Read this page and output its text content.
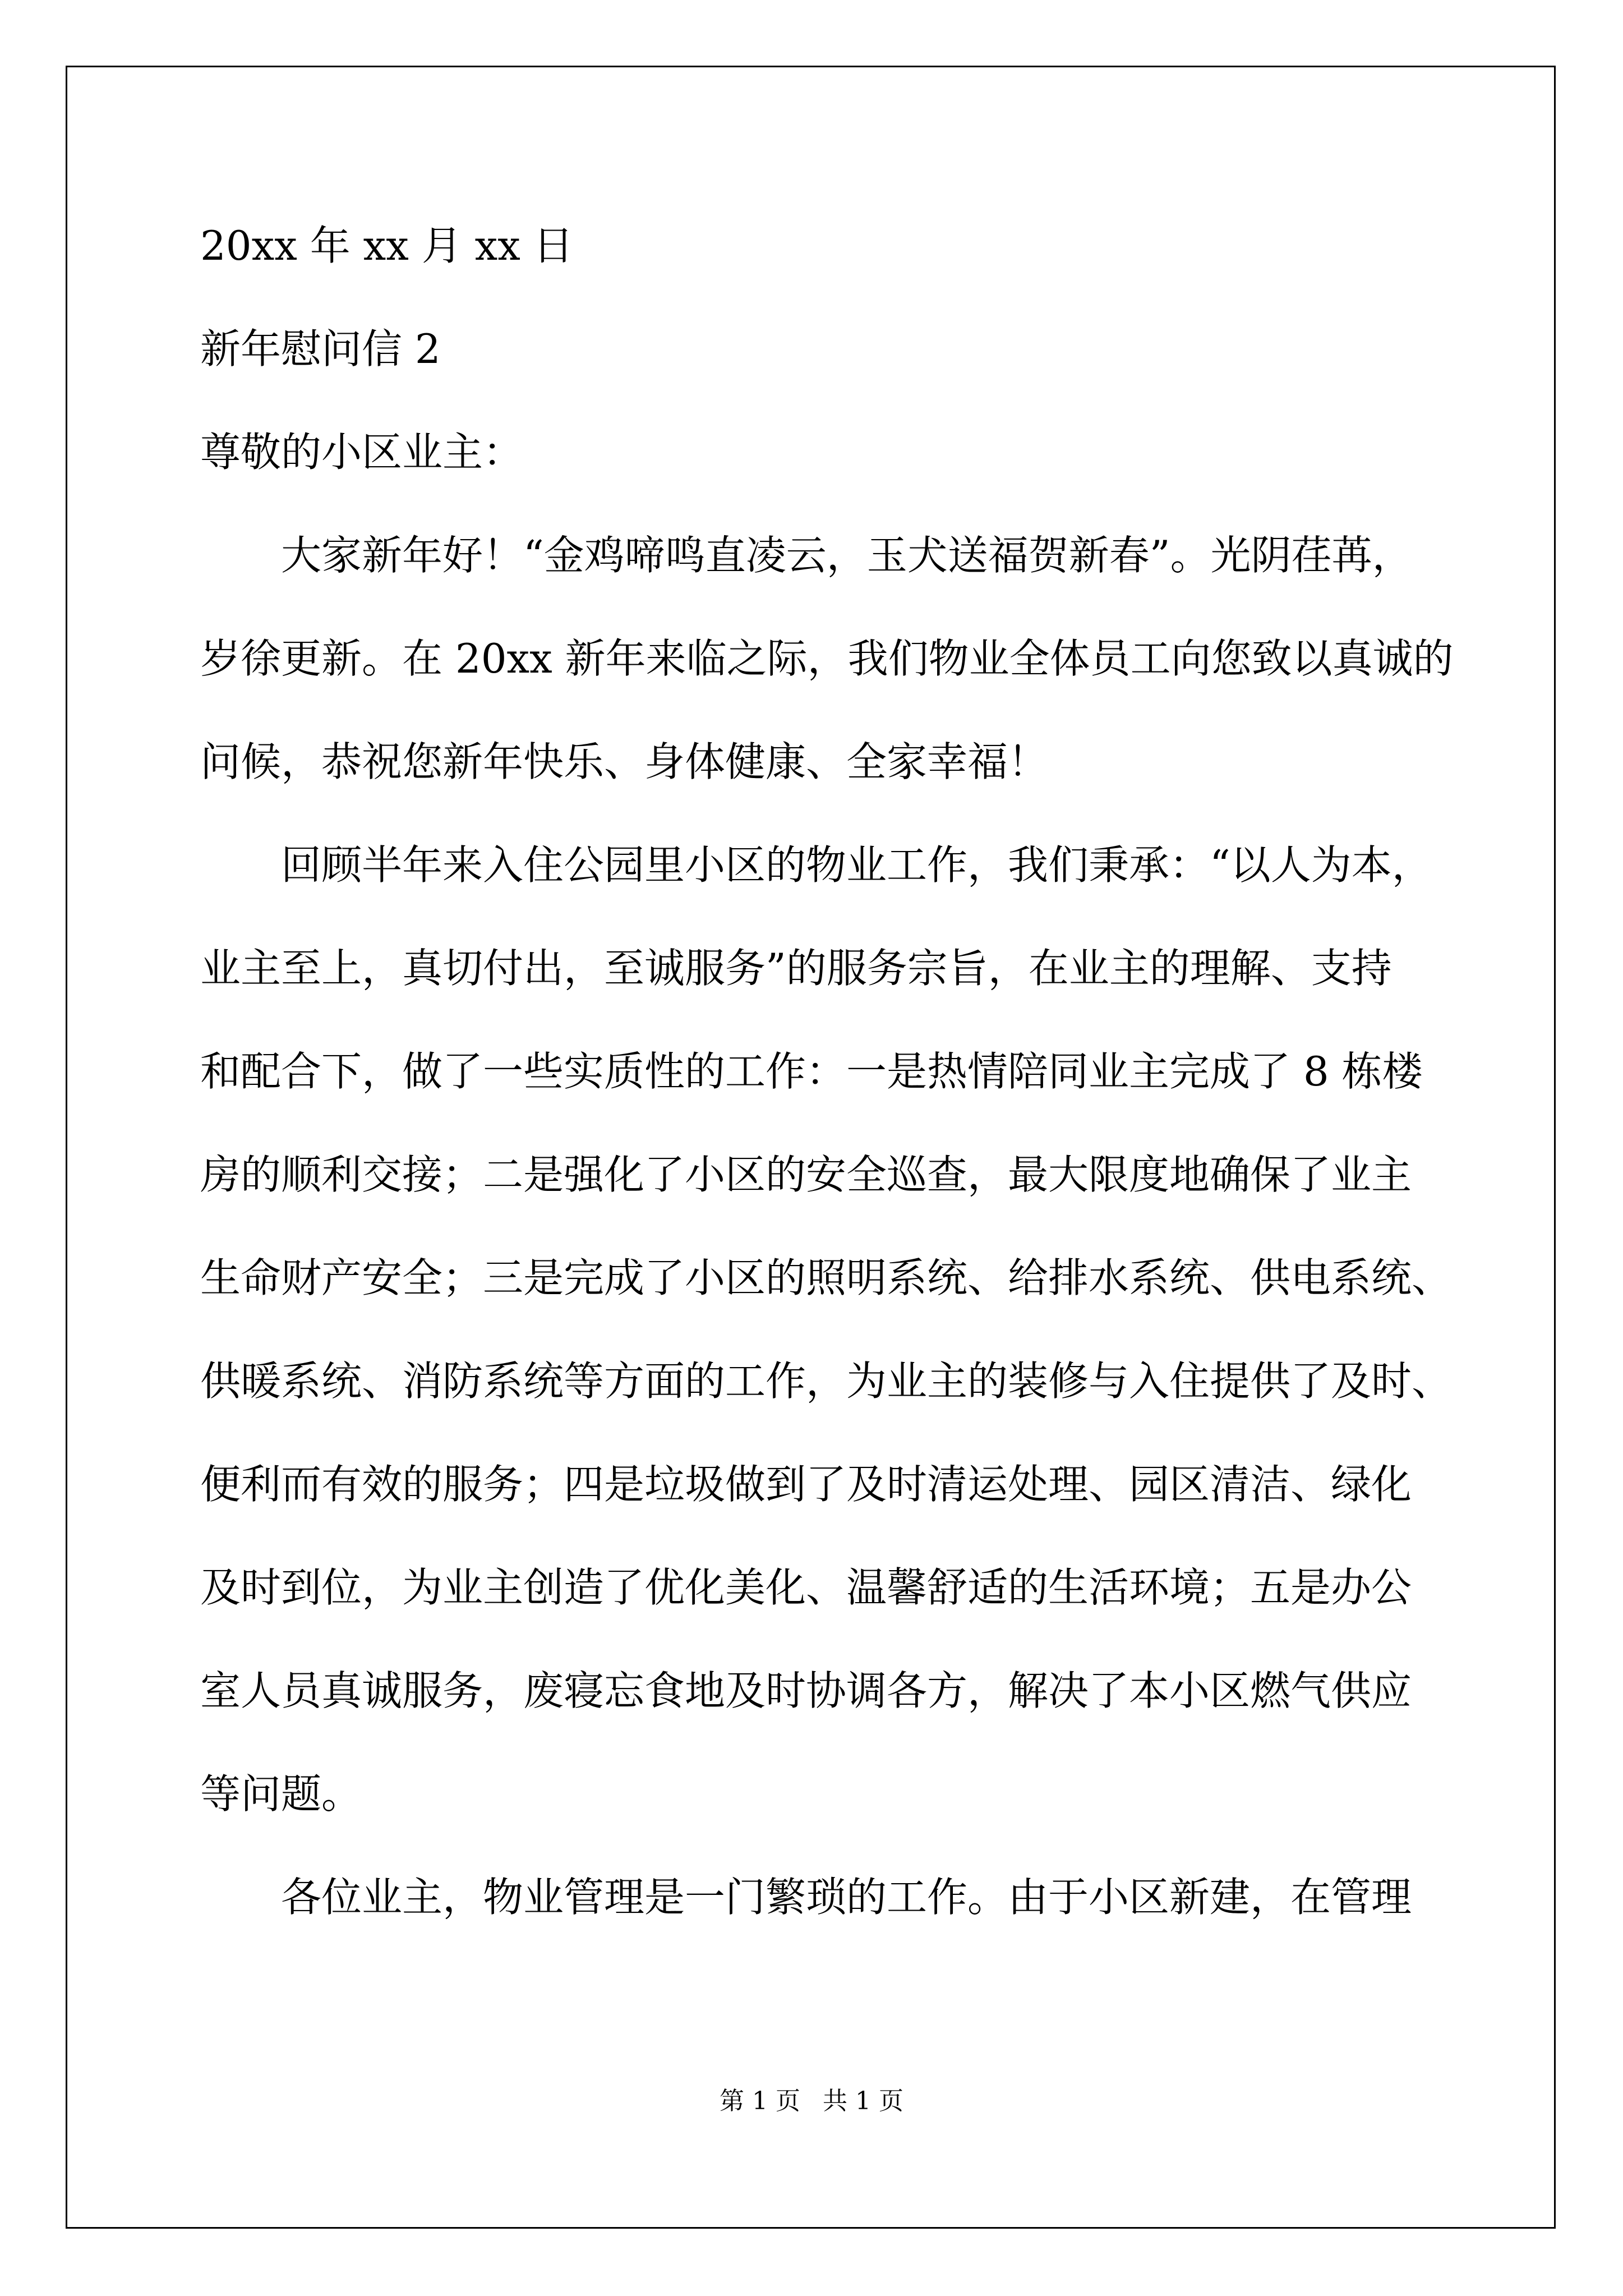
20xx 年 xx 月 xx 日
新年慰问信 2
尊敬的小区业主：
大家新年好！“金鸡啼鸣直凌云，玉犬送福贺新春”。光阴荏苒，
岁徐更新。在 20xx 新年来临之际，我们物业全体员工向您致以真诚的
问候，恭祝您新年快乐、身体健康、全家幸福！
回顾半年来入住公园里小区的物业工作，我们秉承：“以人为本，
业主至上，真切付出，至诚服务”的服务宗旨，在业主的理解、支持
和配合下，做了一些实质性的工作：一是热情陪同业主完成了 8 栋楼
房的顺利交接；二是强化了小区的安全巡查，最大限度地确保了业主
生命财产安全；三是完成了小区的照明系统、给排水系统、供电系统、
供暖系统、消防系统等方面的工作，为业主的装修与入住提供了及时、
便利而有效的服务；四是垃圾做到了及时清运处理、园区清洁、绿化
及时到位，为业主创造了优化美化、温馨舒适的生活环境；五是办公
室人员真诚服务，废寝忘食地及时协调各方，解决了本小区燃气供应
等问题。
各位业主，物业管理是一门繁琐的工作。由于小区新建，在管理
第 1 页 共 1 页
